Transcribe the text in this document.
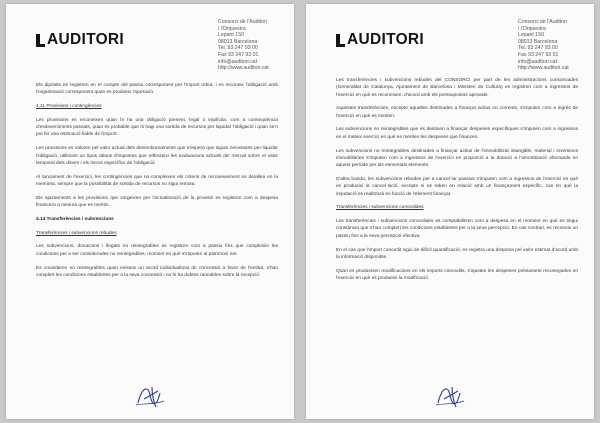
AUDITORI
Consorci de l'Auditori
i l'Orquestra
Lepant 150
08013 Barcelona
Tel. 93 247 93 00
Fax 93 247 93 01
info@auditori.cat
http://www.auditori.cat

Els dipòsits es registren en el compte del passiu corresponent per l'import rebut, i es reconeix l'obligació amb l'organització corresponent quan es produeix l'operació.

4.11 Provisions i contingències

Les provisions es reconeixen quan hi ha una obligació present, legal o implícita, com a conseqüència d'esdeveniments passats, quan és probable que hi hagi una sortida de recursos per liquidar l'obligació i quan se'n pot fer una estimació fiable de l'import.

Les provisions es valoren pel valor actual dels desemborsaments que s'espera que siguin necessaris per liquidar l'obligació, utilitzant un tipus abans d'impostos que reflecteixi les avaluacions actuals del mercat sobre el valor temporal dels diners i els riscos específics de l'obligació.

Al tancament de l'exercici, les contingències que no compleixen els criteris de reconeixement es detallen en la memòria, sempre que la possibilitat de sortida de recursos no sigui remota.

Els ajustaments a les provisions que sorgeixen per l'actualització de la provisió es registren com a despesa financera a mesura que es meritin.

4.14 Transferències i subvencions
Transferències i subvencions rebudes

Les subvencions, donacions i llegats no reintegrables es registren com a passiu fins que compleixin les condicions per a ser considerades no reintegrables, moment en què s'imputen al patrimoni net.

Es consideren no reintegrables quan existeix un acord individualitzat de concessió a favor de l'entitat, s'han complert les condicions establertes per a la seva concessió i no hi ha dubtes raonables sobre la recepció.

AUDITORI
Consorci de l'Auditori
i l'Orquestra
Lepant 150
08013 Barcelona
Tel. 93 247 93 00
Fax 93 247 93 01
info@auditori.cat
http://www.auditori.cat

Les transferències i subvencions rebudes del CONSORCI per part de les administracions consorciades (Generalitat de Catalunya, Ajuntament de Barcelona i Ministeri de Cultura) es registren com a ingressos de l'exercici en què es reconeixen, d'acord amb els pressupostos aprovats.

Aquestes transferències, excepte aquelles destinades a finançar actius no corrents, s'imputen com a ingrés de l'exercici en què es meriten.

Les subvencions no reintegrables que es destinen a finançar despeses específiques s'imputen com a ingressos en el mateix exercici en què es meriten les despeses que financen.

Les subvencions no reintegrables destinades a finançar actius de l'immobilitzat intangible, material i inversions immobiliàries s'imputen com a ingressos de l'exercici en proporció a la dotació a l'amortització efectuada en aquest període per als esmentats elements.

D'altra banda, les subvencions rebudes per a cancel·lar passius s'imputen com a ingressos de l'exercici en què es produeixi la cancel·lació, excepte si es reben en relació amb un finançament específic, cas en què la imputació es realitzarà en funció de l'element finançat.

Transferències i subvencions concedides

Les transferències i subvencions concedides es comptabilitzen com a despesa en el moment en què es tingui constància que s'han complert les condicions establertes per a la seva percepció. En cas contrari, es reconeix un passiu fins a la seva percepció efectiva.

En el cas que l'import concedit sigui de difícil quantificació, es registra una despesa pel valor estimat d'acord amb la informació disponible.

Quan es produeixen modificacions en els imports concedits, s'ajusten les despeses prèviament reconegudes en l'exercici en què es produeixi la modificació.
